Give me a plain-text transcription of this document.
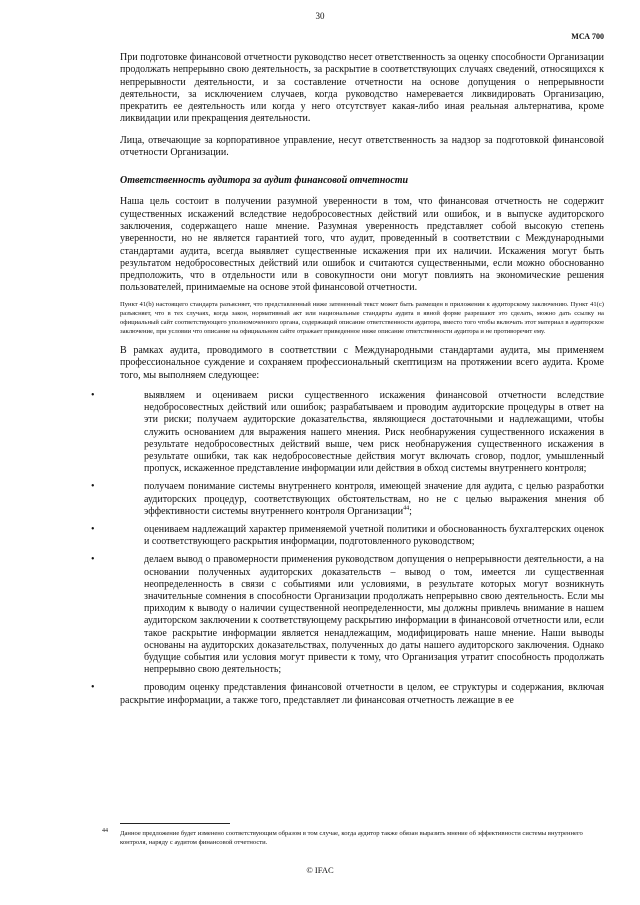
30
МСА 700

При подготовке финансовой отчетности руководство несет ответственность за оценку способности Организации продолжать непрерывно свою деятельность, за раскрытие в соответствующих случаях сведений, относящихся к непрерывности деятельности, и за составление отчетности на основе допущения о непрерывности деятельности, за исключением случаев, когда руководство намеревается ликвидировать Организацию, прекратить ее деятельность или когда у него отсутствует какая-либо иная реальная альтернатива, кроме ликвидации или прекращения деятельности.

Лица, отвечающие за корпоративное управление, несут ответственность за надзор за подготовкой финансовой отчетности Организации.

Ответственность аудитора за аудит финансовой отчетности

Наша цель состоит в получении разумной уверенности в том, что финансовая отчетность не содержит существенных искажений вследствие недобросовестных действий или ошибок, и в выпуске аудиторского заключения, содержащего наше мнение. Разумная уверенность представляет собой высокую степень уверенности, но не является гарантией того, что аудит, проведенный в соответствии с Международными стандартами аудита, всегда выявляет существенные искажения при их наличии. Искажения могут быть результатом недобросовестных действий или ошибок и считаются существенными, если можно обоснованно предположить, что в отдельности или в совокупности они могут повлиять на экономические решения пользователей, принимаемые на основе этой финансовой отчетности.

Пункт 41(b) настоящего стандарта разъясняет, что представленный ниже затененный текст может быть размещен в приложении к аудиторскому заключению. Пункт 41(c) разъясняет, что в тех случаях, когда закон, нормативный акт или национальные стандарты аудита в явной форме разрешают это сделать, можно дать ссылку на официальный сайт соответствующего уполномоченного органа, содержащий описание ответственности аудитора, вместо того чтобы включать этот материал в аудиторское заключение, при условии что описание на официальном сайте отражает приведенное ниже описание ответственности аудитора и не противоречит ему.

В рамках аудита, проводимого в соответствии с Международными стандартами аудита, мы применяем профессиональное суждение и сохраняем профессиональный скептицизм на протяжении всего аудита. Кроме того, мы выполняем следующее:

•	выявляем и оцениваем риски существенного искажения финансовой отчетности вследствие недобросовестных действий или ошибок; разрабатываем и проводим аудиторские процедуры в ответ на эти риски; получаем аудиторские доказательства, являющиеся достаточными и надлежащими, чтобы служить основанием для выражения нашего мнения. Риск необнаружения существенного искажения в результате недобросовестных действий выше, чем риск необнаружения существенного искажения в результате ошибки, так как недобросовестные действия могут включать сговор, подлог, умышленный пропуск, искаженное представление информации или действия в обход системы внутреннего контроля;

•	получаем понимание системы внутреннего контроля, имеющей значение для аудита, с целью разработки аудиторских процедур, соответствующих обстоятельствам, но не с целью выражения мнения об эффективности системы внутреннего контроля Организации$^{44}$;

•	оцениваем надлежащий характер применяемой учетной политики и обоснованность бухгалтерских оценок и соответствующего раскрытия информации, подготовленного руководством;

•	делаем вывод о правомерности применения руководством допущения о непрерывности деятельности, а на основании полученных аудиторских доказательств – вывод о том, имеется ли существенная неопределенность в связи с событиями или условиями, в результате которых могут возникнуть значительные сомнения в способности Организации продолжать непрерывно свою деятельность. Если мы приходим к выводу о наличии существенной неопределенности, мы должны привлечь внимание в нашем аудиторском заключении к соответствующему раскрытию информации в финансовой отчетности или, если такое раскрытие информации является ненадлежащим, модифицировать наше мнение. Наши выводы основаны на аудиторских доказательствах, полученных до даты нашего аудиторского заключения. Однако будущие события или условия могут привести к тому, что Организация утратит способность продолжать непрерывно свою деятельность;

•	проводим оценку представления финансовой отчетности в целом, ее структуры и содержания, включая раскрытие информации, а также того, представляет ли финансовая отчетность лежащие в ее

44 Данное предложение будет изменено соответствующим образом в том случае, когда аудитор также обязан выразить мнение об эффективности системы внутреннего контроля, наряду с аудитом финансовой отчетности.
© IFAC
